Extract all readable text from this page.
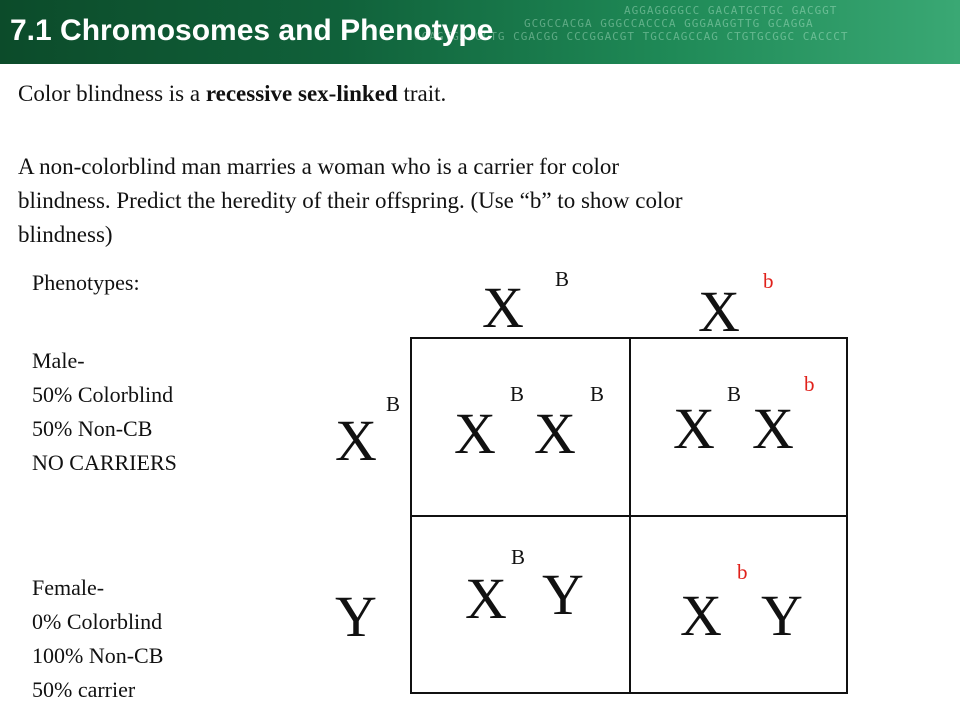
AGGAGGGGCC GACATGCTGC GACGGT
GCGCCACGA GGGCCACCCA GGGAAGGTTG GCAGGA
CCAGTGA CCTG CGACGG CCCGGACGT TGCCAGCCAG CTGTGCGGC CACCCT
7.1 Chromosomes and Phenotype
Color blindness is a recessive sex-linked trait.
A non-colorblind man marries a woman who is a carrier for color
blindness. Predict the heredity of their offspring. (Use “b” to show color
blindness)
Phenotypes:
Male-
50% Colorblind
50% Non-CB
NO CARRIERS
Female-
0% Colorblind
100% Non-CB
50% carrier
X B X b
X
B
Y
X
B
X
B
X
B
X
b
X
B
Y X
b
Y
